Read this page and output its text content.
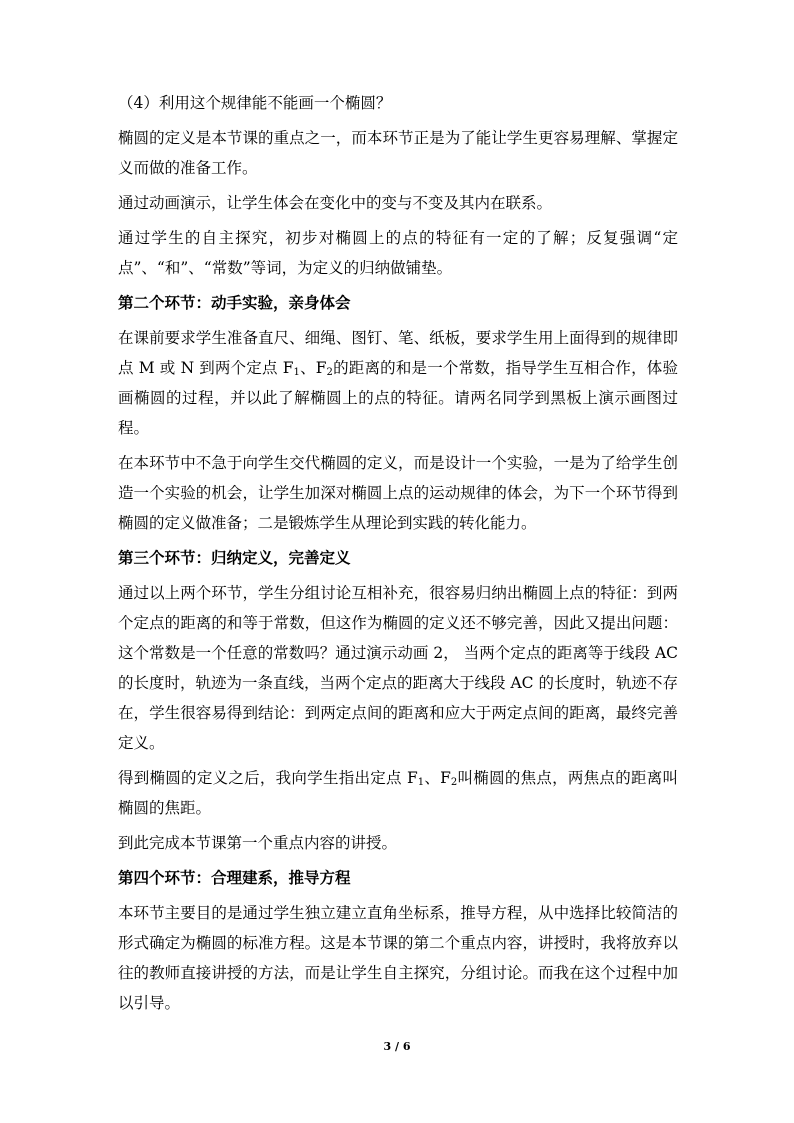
（4）利用这个规律能不能画一个椭圆？

椭圆的定义是本节课的重点之一，而本环节正是为了能让学生更容易理解、掌握定义而做的准备工作。

通过动画演示，让学生体会在变化中的变与不变及其内在联系。

通过学生的自主探究，初步对椭圆上的点的特征有一定的了解；反复强调“定点”、“和”、“常数”等词，为定义的归纳做铺垫。

第二个环节：动手实验，亲身体会

在课前要求学生准备直尺、细绳、图钉、笔、纸板，要求学生用上面得到的规律即点 M 或 N 到两个定点 $F_1$、$F_2$的距离的和是一个常数，指导学生互相合作，体验画椭圆的过程，并以此了解椭圆上的点的特征。请两名同学到黑板上演示画图过程。

在本环节中不急于向学生交代椭圆的定义，而是设计一个实验，一是为了给学生创造一个实验的机会，让学生加深对椭圆上点的运动规律的体会，为下一个环节得到椭圆的定义做准备；二是锻炼学生从理论到实践的转化能力。

第三个环节：归纳定义，完善定义

通过以上两个环节，学生分组讨论互相补充，很容易归纳出椭圆上点的特征：到两个定点的距离的和等于常数，但这作为椭圆的定义还不够完善，因此又提出问题：这个常数是一个任意的常数吗？通过演示动画 2， 当两个定点的距离等于线段 AC 的长度时，轨迹为一条直线，当两个定点的距离大于线段 AC 的长度时，轨迹不存在，学生很容易得到结论：到两定点间的距离和应大于两定点间的距离，最终完善定义。

得到椭圆的定义之后，我向学生指出定点 $F_1$、$F_2$叫椭圆的焦点，两焦点的距离叫椭圆的焦距。

到此完成本节课第一个重点内容的讲授。

第四个环节：合理建系，推导方程

本环节主要目的是通过学生独立建立直角坐标系，推导方程，从中选择比较简洁的形式确定为椭圆的标准方程。这是本节课的第二个重点内容，讲授时，我将放弃以往的教师直接讲授的方法，而是让学生自主探究，分组讨论。而我在这个过程中加以引导。

3 / 6
